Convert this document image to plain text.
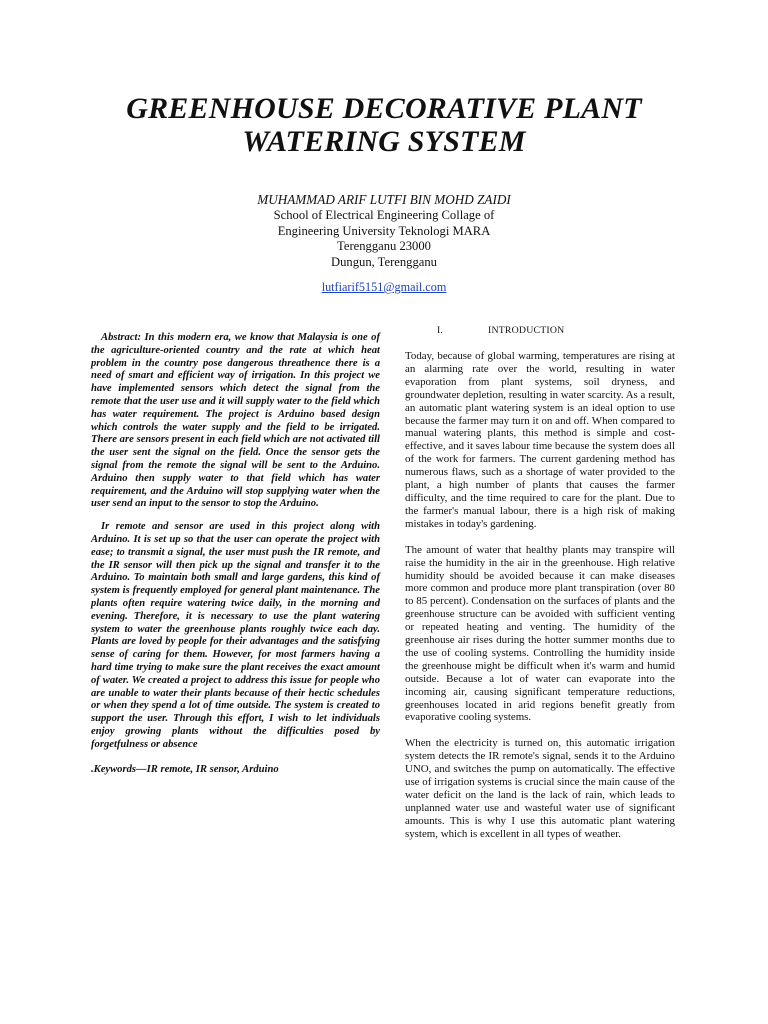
GREENHOUSE DECORATIVE PLANT
WATERING SYSTEM

MUHAMMAD ARIF LUTFI BIN MOHD ZAIDI

School of Electrical Engineering Collage of
Engineering University Teknologi MARA
Terengganu 23000
Dungun, Terengganu

lutfiarif5151@gmail.com

Abstract: In this modern era, we know that Malaysia is one of the agriculture-oriented country and the rate at which heat problem in the country pose dangerous threathence there is a need of smart and efficient way of irrigation. In this project we have implemented sensors which detect the signal from the remote that the user use and it will supply water to the field which has water requirement. The project is Arduino based design which controls the water supply and the field to be irrigated. There are sensors present in each field which are not activated till the user sent the signal on the field. Once the sensor gets the signal from the remote the signal will be sent to the Arduino. Arduino then supply water to that field which has water requirement, and the Arduino will stop supplying water when the user send an input to the sensor to stop the Arduino.

Ir remote and sensor are used in this project along with Arduino. It is set up so that the user can operate the project with ease; to transmit a signal, the user must push the IR remote, and the IR sensor will then pick up the signal and transfer it to the Arduino. To maintain both small and large gardens, this kind of system is frequently employed for general plant maintenance. The plants often require watering twice daily, in the morning and evening. Therefore, it is necessary to use the plant watering system to water the greenhouse plants roughly twice each day. Plants are loved by people for their advantages and the satisfying sense of caring for them. However, for most farmers having a hard time trying to make sure the plant receives the exact amount of water. We created a project to address this issue for people who are unable to water their plants because of their hectic schedules or when they spend a lot of time outside. The system is created to support the user. Through this effort, I wish to let individuals enjoy growing plants without the difficulties posed by forgetfulness or absence

.Keywords—IR remote, IR sensor, Arduino

I.	INTRODUCTION

Today, because of global warming, temperatures are rising at an alarming rate over the world, resulting in water evaporation from plant systems, soil dryness, and groundwater depletion, resulting in water scarcity. As a result, an automatic plant watering system is an ideal option to use because the farmer may turn it on and off. When compared to manual watering plants, this method is simple and cost-effective, and it saves labour time because the system does all of the work for farmers. The current gardening method has numerous flaws, such as a shortage of water provided to the plant, a high number of plants that causes the farmer difficulty, and the time required to care for the plant. Due to the farmer's manual labour, there is a high risk of making mistakes in today's gardening.

The amount of water that healthy plants may transpire will raise the humidity in the air in the greenhouse. High relative humidity should be avoided because it can make diseases more common and produce more plant transpiration (over 80 to 85 percent). Condensation on the surfaces of plants and the greenhouse structure can be avoided with sufficient venting or repeated heating and venting. The humidity of the greenhouse air rises during the hotter summer months due to the use of cooling systems. Controlling the humidity inside the greenhouse might be difficult when it's warm and humid outside. Because a lot of water can evaporate into the incoming air, causing significant temperature reductions, greenhouses located in arid regions benefit greatly from evaporative cooling systems.

When the electricity is turned on, this automatic irrigation system detects the IR remote's signal, sends it to the Arduino UNO, and switches the pump on automatically. The effective use of irrigation systems is crucial since the main cause of the water deficit on the land is the lack of rain, which leads to unplanned water use and wasteful water use of significant amounts. This is why I use this automatic plant watering system, which is excellent in all types of weather.
